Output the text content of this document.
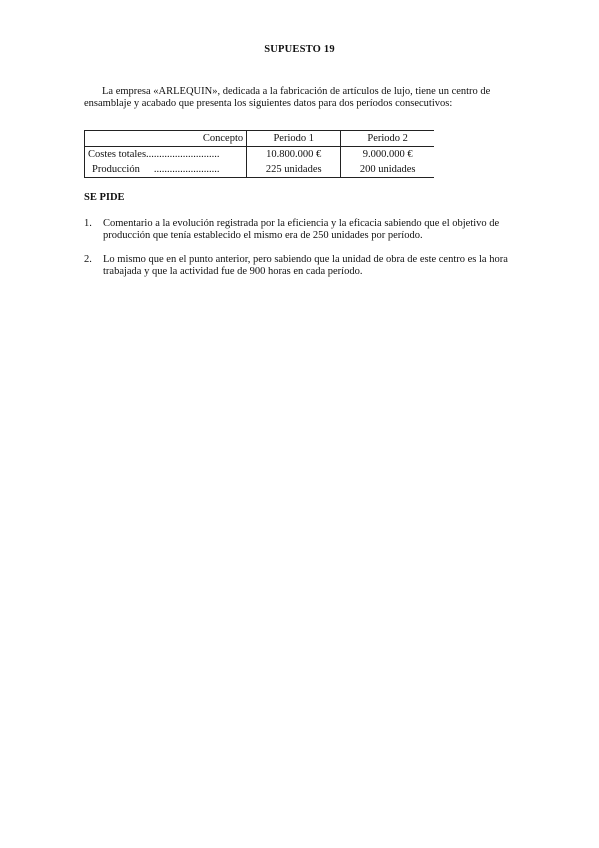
SUPUESTO 19

La empresa «ARLEQUIN», dedicada a la fabricación de artículos de lujo, tiene un centro de ensamblaje y acabado que presenta los siguientes datos para dos períodos consecutivos:

Concepto	Periodo 1	Periodo 2
Costes totales............................	10.800.000 €	9.000.000 €
Producción .........................	225 unidades	200 unidades
SE PIDE
1. Comentario a la evolución registrada por la eficiencia y la eficacia sabiendo que el objetivo de producción que tenía establecido el mismo era de 250 unidades por período.
2. Lo mismo que en el punto anterior, pero sabiendo que la unidad de obra de este centro es la hora trabajada y que la actividad fue de 900 horas en cada período.
